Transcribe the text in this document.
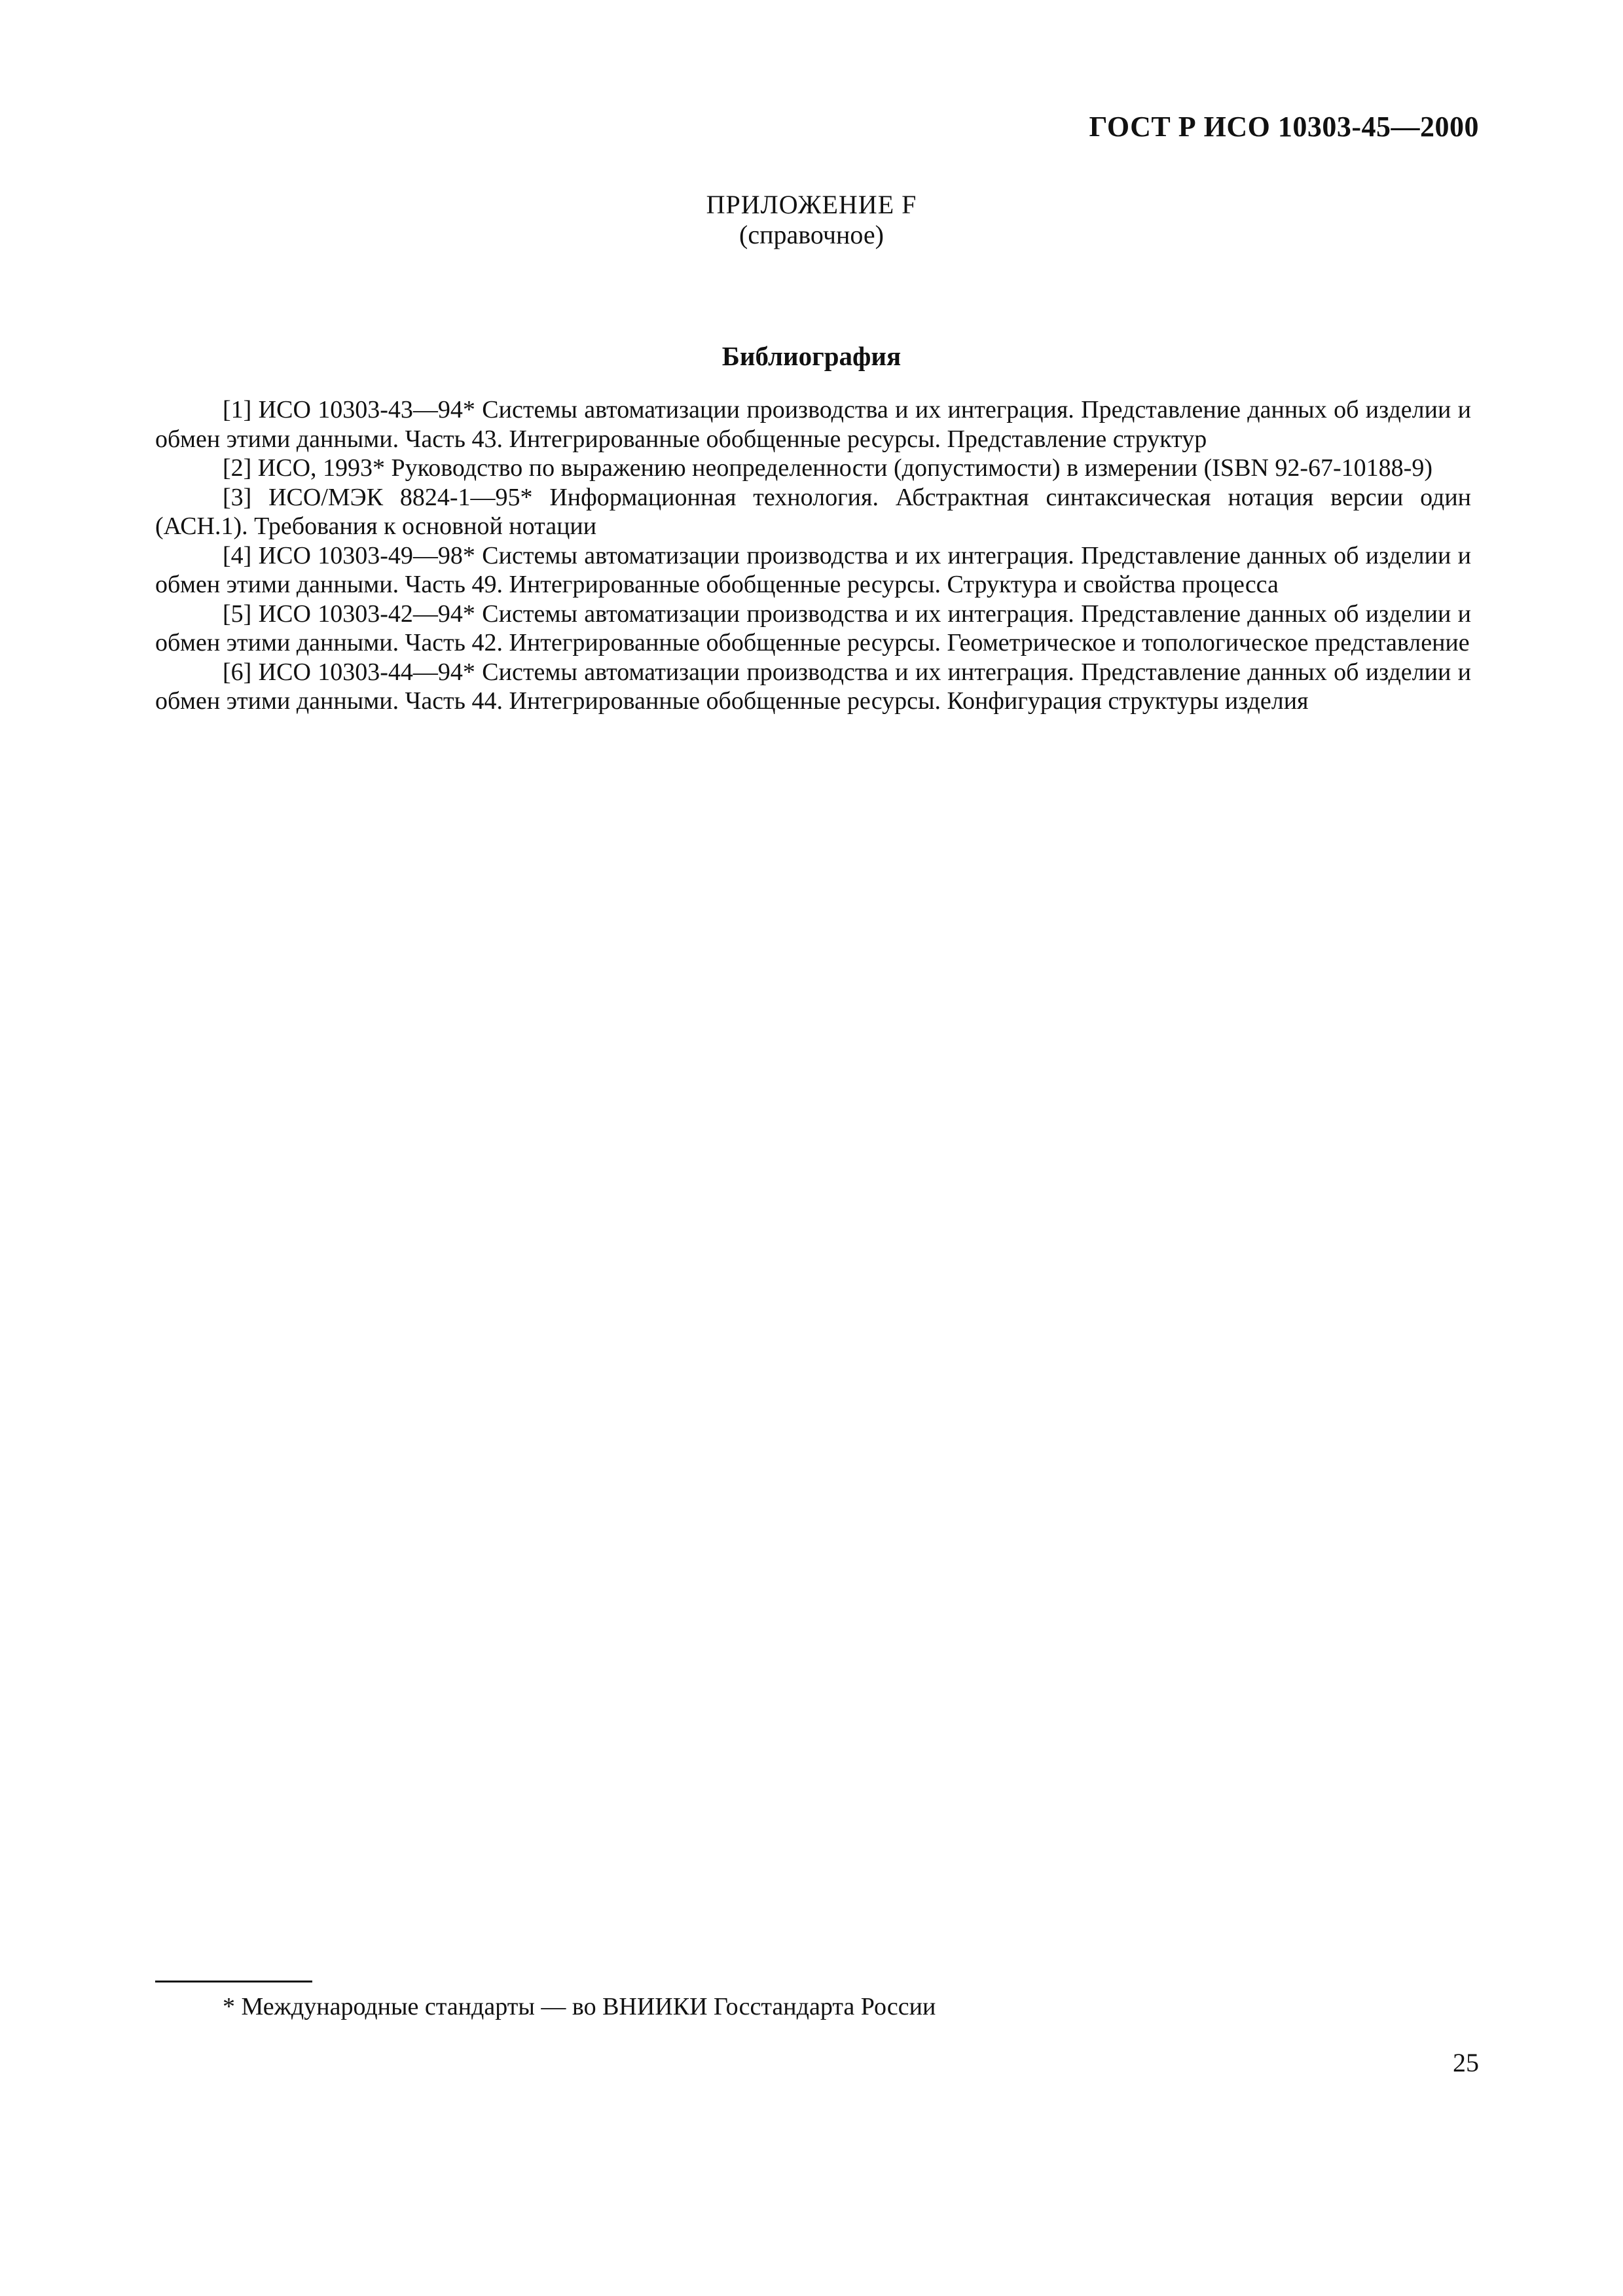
ГОСТ Р ИСО 10303-45—2000
ПРИЛОЖЕНИЕ F
(справочное)
Библиография

[1] ИСО 10303-43—94* Системы автоматизации производства и их интеграция. Представление данных об изделии и обмен этими данными. Часть 43. Интегрированные обобщенные ресурсы. Представление структур

[2] ИСО, 1993* Руководство по выражению неопределенности (допустимости) в измерении (ISBN 92-67-10188-9)

[3] ИСО/МЭК 8824-1—95* Информационная технология. Абстрактная синтаксическая нотация версии один (АСН.1). Требования к основной нотации

[4] ИСО 10303-49—98* Системы автоматизации производства и их интеграция. Представление данных об изделии и обмен этими данными. Часть 49. Интегрированные обобщенные ресурсы. Структура и свойства процесса

[5] ИСО 10303-42—94* Системы автоматизации производства и их интеграция. Представление данных об изделии и обмен этими данными. Часть 42. Интегрированные обобщенные ресурсы. Геометрическое и топологическое представление

[6] ИСО 10303-44—94* Системы автоматизации производства и их интеграция. Представление данных об изделии и обмен этими данными. Часть 44. Интегрированные обобщенные ресурсы. Конфигурация структуры изделия

* Международные стандарты — во ВНИИКИ Госстандарта России
25
